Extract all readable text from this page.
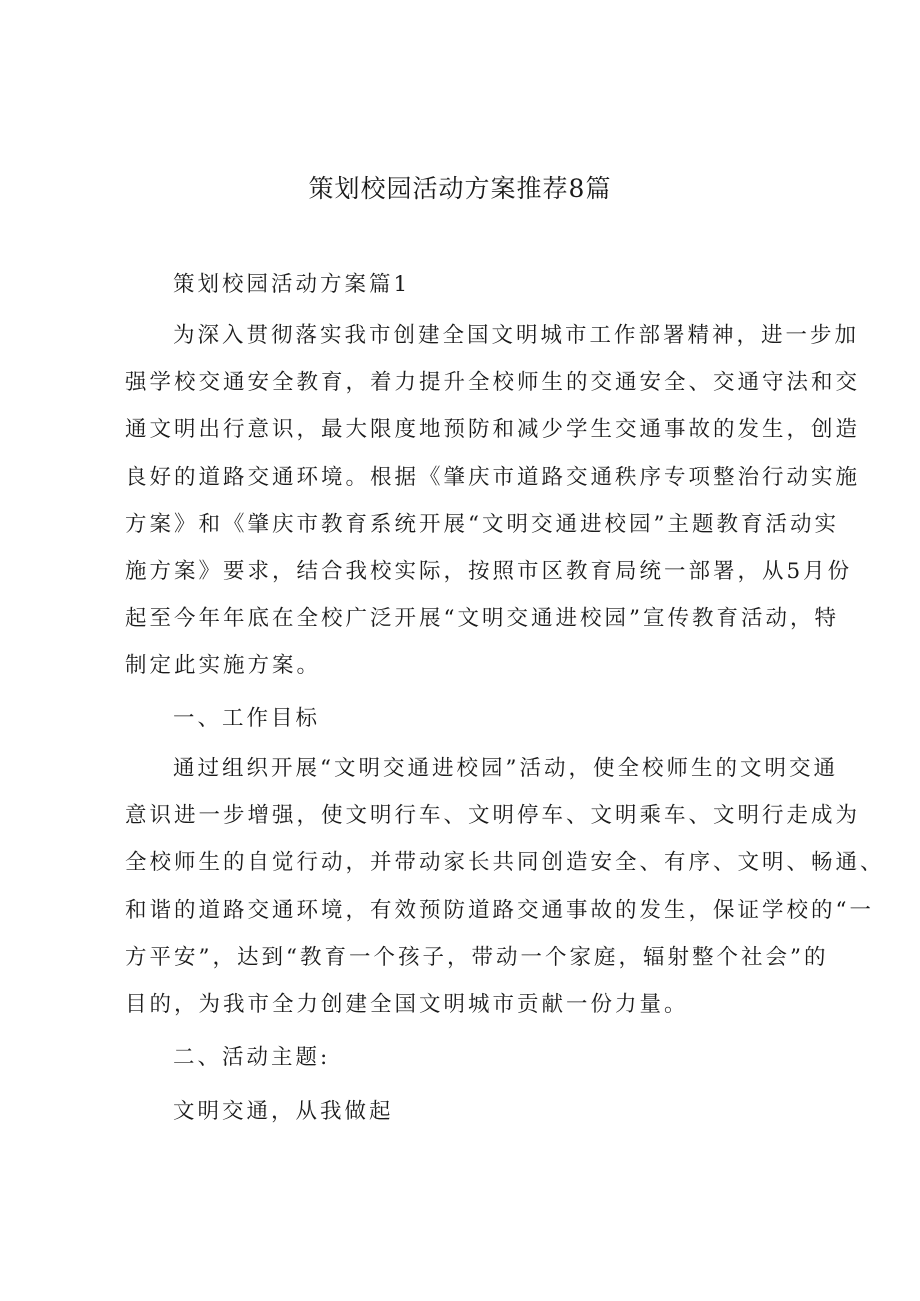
策划校园活动方案推荐8篇
策划校园活动方案篇1
为深入贯彻落实我市创建全国文明城市工作部署精神，进一步加
强学校交通安全教育，着力提升全校师生的交通安全、交通守法和交
通文明出行意识，最大限度地预防和减少学生交通事故的发生，创造
良好的道路交通环境。根据《肇庆市道路交通秩序专项整治行动实施
方案》和《肇庆市教育系统开展“文明交通进校园”主题教育活动实
施方案》要求，结合我校实际，按照市区教育局统一部署，从5月份
起至今年年底在全校广泛开展“文明交通进校园”宣传教育活动，特
制定此实施方案。
一、工作目标
通过组织开展“文明交通进校园”活动，使全校师生的文明交通
意识进一步增强，使文明行车、文明停车、文明乘车、文明行走成为
全校师生的自觉行动，并带动家长共同创造安全、有序、文明、畅通、
和谐的道路交通环境，有效预防道路交通事故的发生，保证学校的“一
方平安”，达到“教育一个孩子，带动一个家庭，辐射整个社会”的
目的，为我市全力创建全国文明城市贡献一份力量。
二、活动主题:
文明交通，从我做起
